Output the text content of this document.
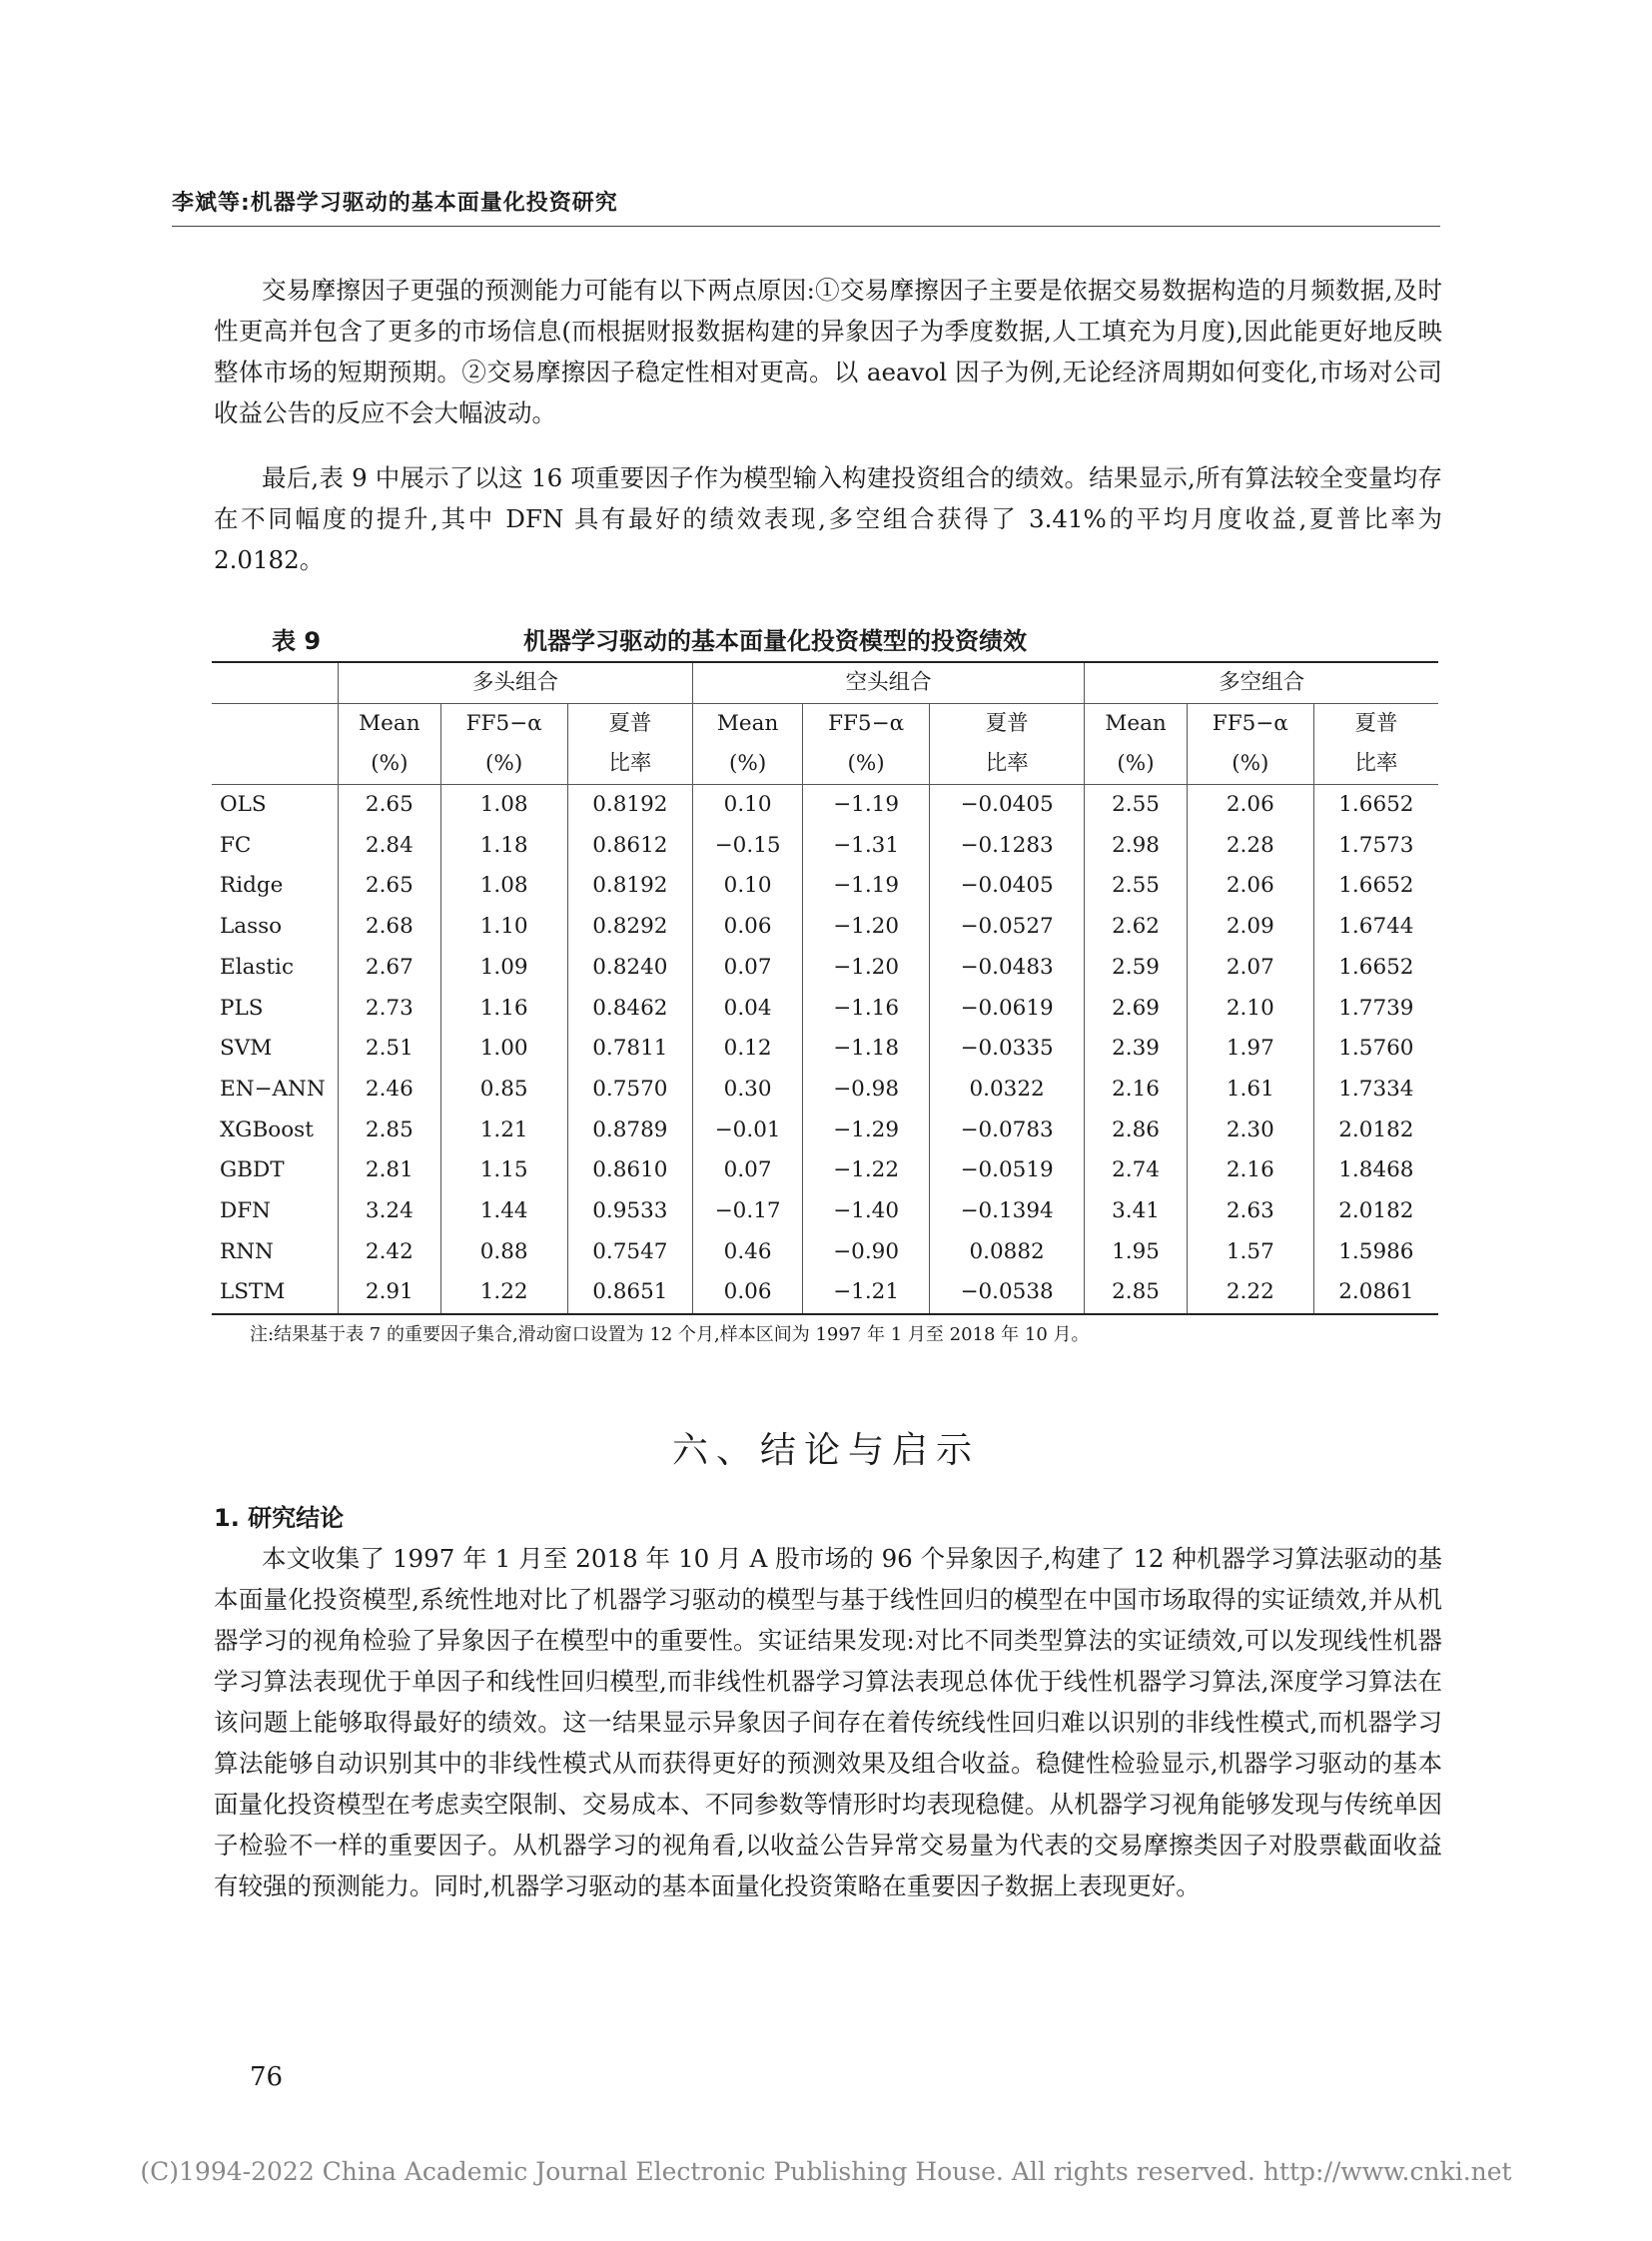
李斌等:机器学习驱动的基本面量化投资研究

交易摩擦因子更强的预测能力可能有以下两点原因:①交易摩擦因子主要是依据交易数据构造的月频数据,及时性更高并包含了更多的市场信息(而根据财报数据构建的异象因子为季度数据,人工填充为月度),因此能更好地反映整体市场的短期预期。②交易摩擦因子稳定性相对更高。以 aeavol 因子为例,无论经济周期如何变化,市场对公司收益公告的反应不会大幅波动。

最后,表 9 中展示了以这 16 项重要因子作为模型输入构建投资组合的绩效。结果显示,所有算法较全变量均存在不同幅度的提升,其中 DFN 具有最好的绩效表现,多空组合获得了 3.41%的平均月度收益,夏普比率为 2.0182。

表 9	机器学习驱动的基本面量化投资模型的投资绩效
	多头组合			空头组合			多空组合		
	Mean	FF5−α	夏普	Mean	FF5−α	夏普	Mean	FF5−α	夏普
	(%)	(%)	比率	(%)	(%)	比率	(%)	(%)	比率
OLS	2.65	1.08	0.8192	0.10	−1.19	−0.0405	2.55	2.06	1.6652
FC	2.84	1.18	0.8612	−0.15	−1.31	−0.1283	2.98	2.28	1.7573
Ridge	2.65	1.08	0.8192	0.10	−1.19	−0.0405	2.55	2.06	1.6652
Lasso	2.68	1.10	0.8292	0.06	−1.20	−0.0527	2.62	2.09	1.6744
Elastic	2.67	1.09	0.8240	0.07	−1.20	−0.0483	2.59	2.07	1.6652
PLS	2.73	1.16	0.8462	0.04	−1.16	−0.0619	2.69	2.10	1.7739
SVM	2.51	1.00	0.7811	0.12	−1.18	−0.0335	2.39	1.97	1.5760
EN−ANN	2.46	0.85	0.7570	0.30	−0.98	0.0322	2.16	1.61	1.7334
XGBoost	2.85	1.21	0.8789	−0.01	−1.29	−0.0783	2.86	2.30	2.0182
GBDT	2.81	1.15	0.8610	0.07	−1.22	−0.0519	2.74	2.16	1.8468
DFN	3.24	1.44	0.9533	−0.17	−1.40	−0.1394	3.41	2.63	2.0182
RNN	2.42	0.88	0.7547	0.46	−0.90	0.0882	1.95	1.57	1.5986
LSTM	2.91	1.22	0.8651	0.06	−1.21	−0.0538	2.85	2.22	2.0861
注:结果基于表 7 的重要因子集合,滑动窗口设置为 12 个月,样本区间为 1997 年 1 月至 2018 年 10 月。
六、结论与启示
1. 研究结论

本文收集了 1997 年 1 月至 2018 年 10 月 A 股市场的 96 个异象因子,构建了 12 种机器学习算法驱动的基本面量化投资模型,系统性地对比了机器学习驱动的模型与基于线性回归的模型在中国市场取得的实证绩效,并从机器学习的视角检验了异象因子在模型中的重要性。实证结果发现:对比不同类型算法的实证绩效,可以发现线性机器学习算法表现优于单因子和线性回归模型,而非线性机器学习算法表现总体优于线性机器学习算法,深度学习算法在该问题上能够取得最好的绩效。这一结果显示异象因子间存在着传统线性回归难以识别的非线性模式,而机器学习算法能够自动识别其中的非线性模式从而获得更好的预测效果及组合收益。稳健性检验显示,机器学习驱动的基本面量化投资模型在考虑卖空限制、交易成本、不同参数等情形时均表现稳健。从机器学习视角能够发现与传统单因子检验不一样的重要因子。从机器学习的视角看,以收益公告异常交易量为代表的交易摩擦类因子对股票截面收益有较强的预测能力。同时,机器学习驱动的基本面量化投资策略在重要因子数据上表现更好。

76
(C)1994-2022 China Academic Journal Electronic Publishing House. All rights reserved. http://www.cnki.net
